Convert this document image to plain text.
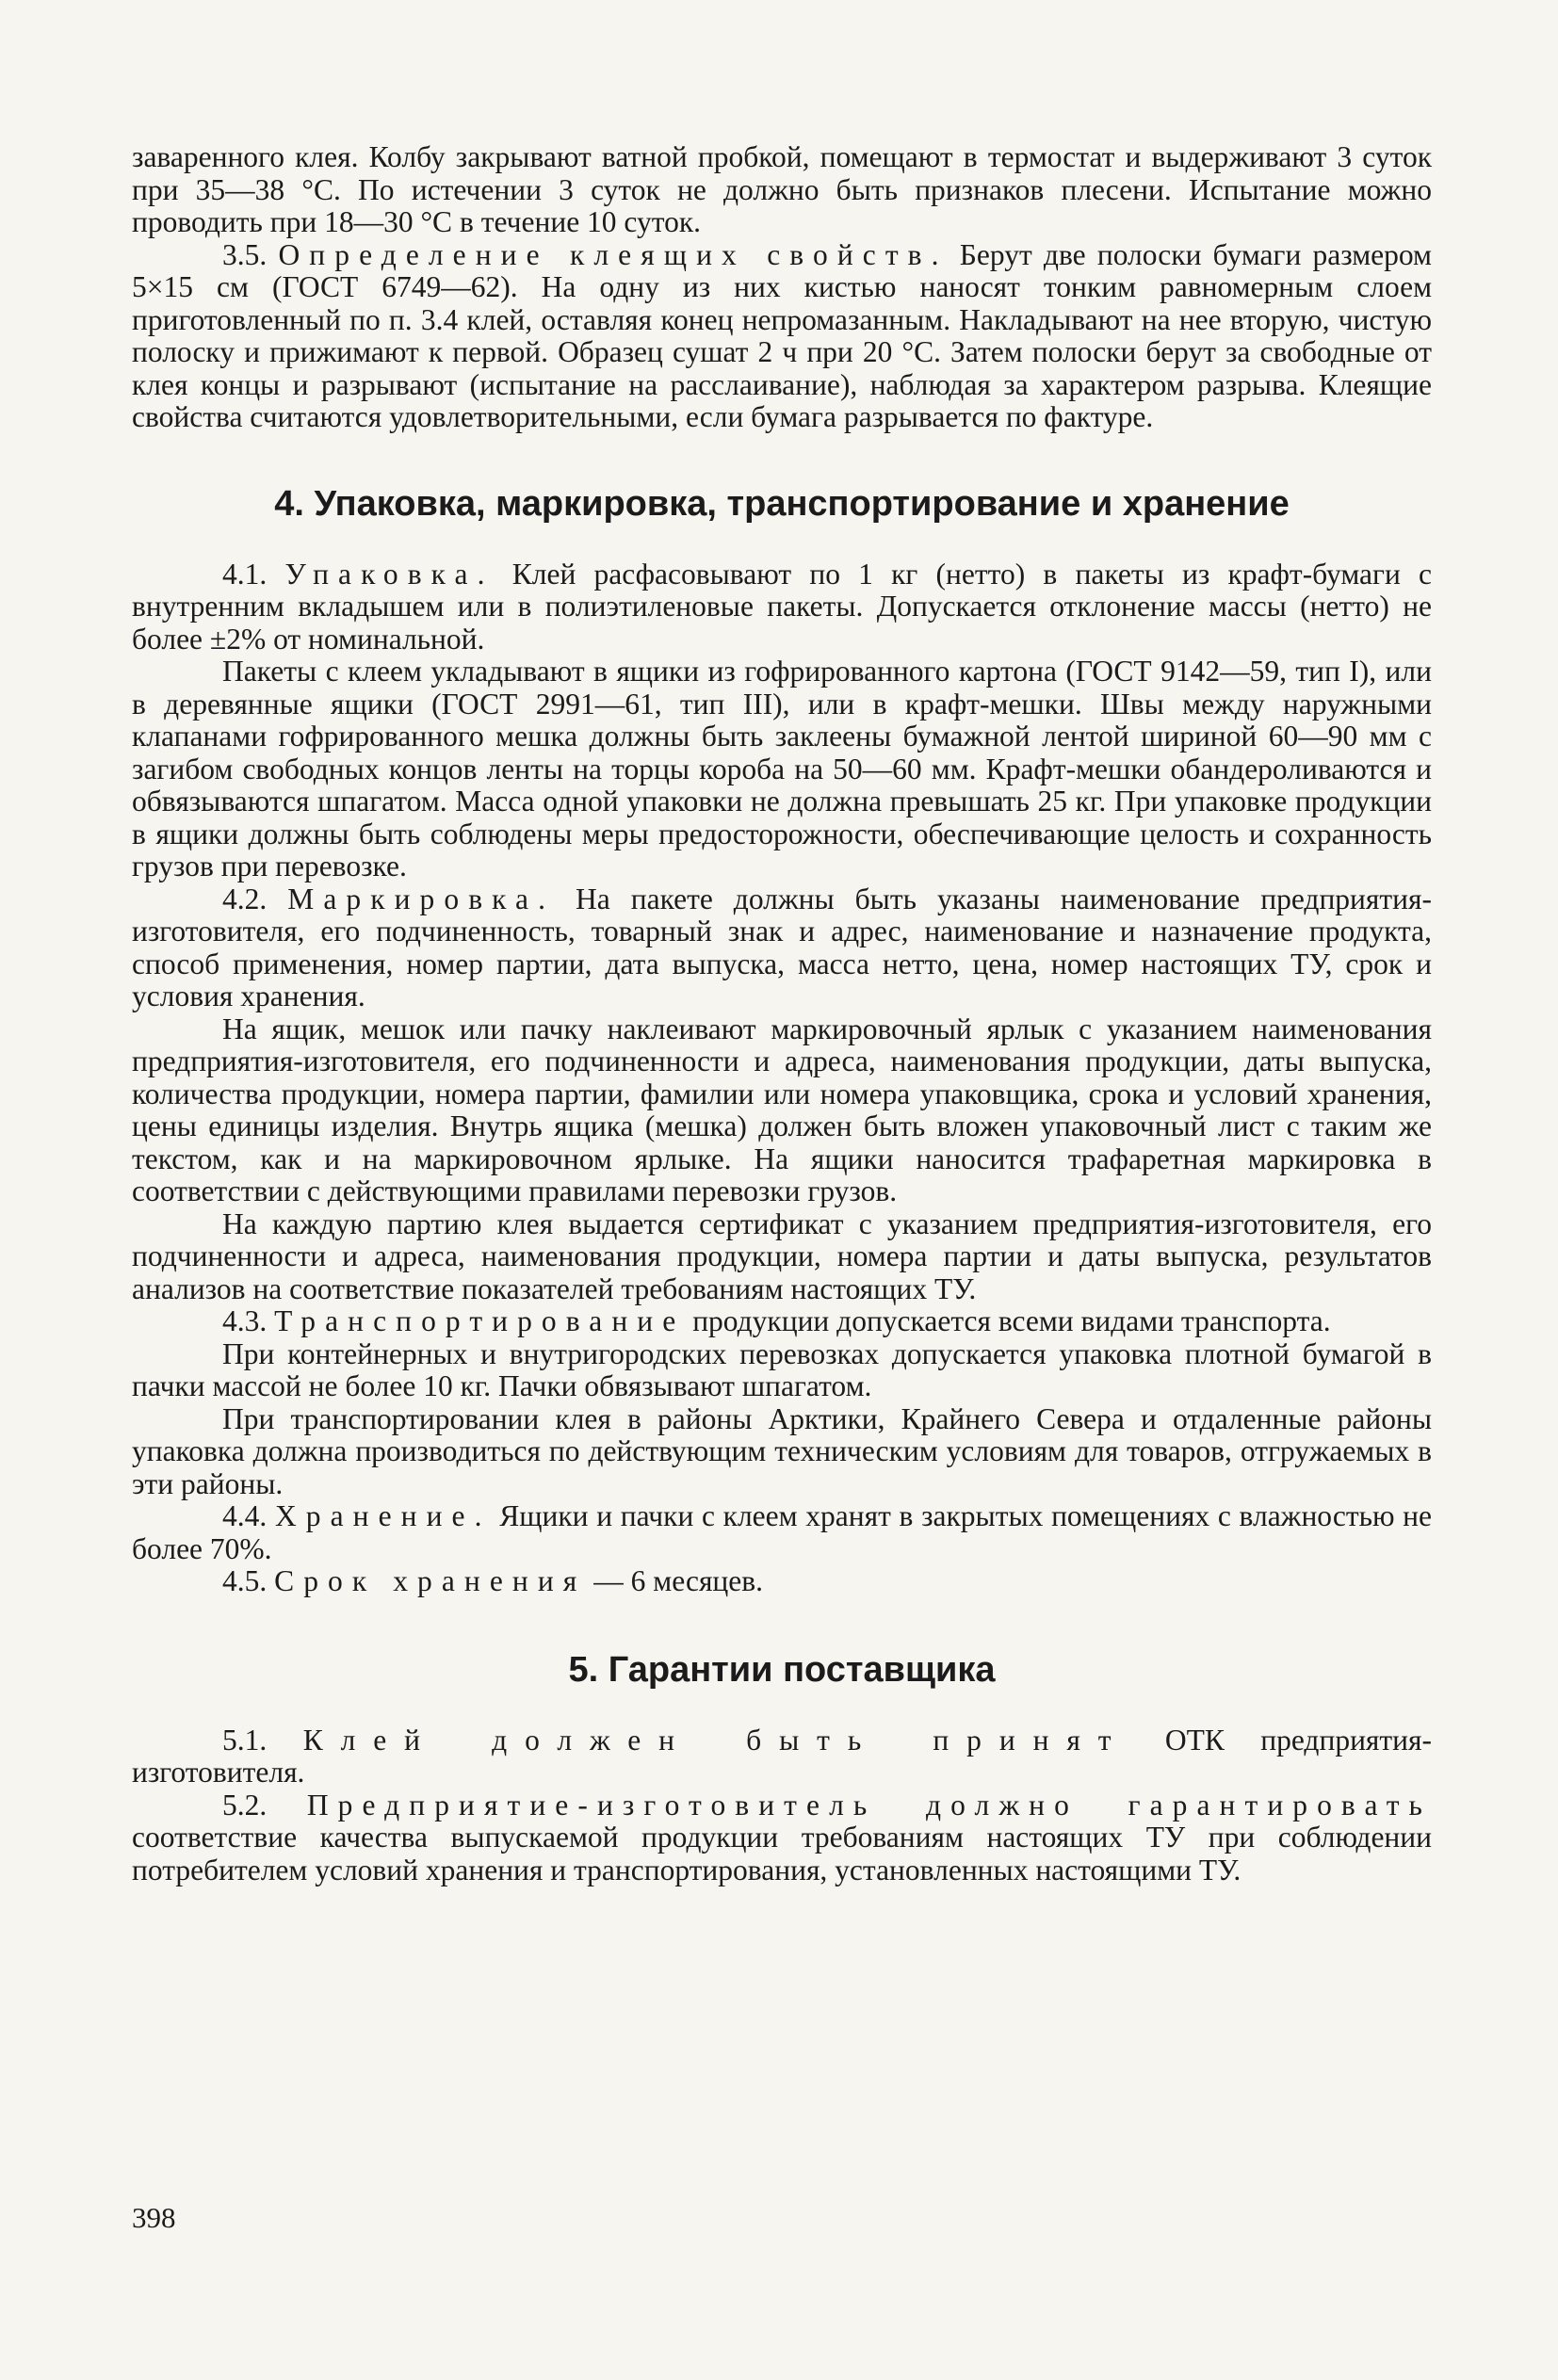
заваренного клея. Колбу закрывают ватной пробкой, помещают в термостат и выдерживают 3 суток при 35—38 °C. По истечении 3 суток не должно быть признаков плесени. Испытание можно проводить при 18—30 °C в течение 10 суток.

3.5. Определение клеящих свойств. Берут две полоски бумаги размером 5×15 см (ГОСТ 6749—62). На одну из них кистью наносят тонким равномерным слоем приготовленный по п. 3.4 клей, оставляя конец непромазанным. Накладывают на нее вторую, чистую полоску и прижимают к первой. Образец сушат 2 ч при 20 °C. Затем полоски берут за свободные от клея концы и разрывают (испытание на расслаивание), наблюдая за характером разрыва. Клеящие свойства считаются удовлетворительными, если бумага разрывается по фактуре.

4. Упаковка, маркировка, транспортирование и хранение

4.1. Упаковка. Клей расфасовывают по 1 кг (нетто) в пакеты из крафт-бумаги с внутренним вкладышем или в полиэтиленовые пакеты. Допускается отклонение массы (нетто) не более ±2% от номинальной.

Пакеты с клеем укладывают в ящики из гофрированного картона (ГОСТ 9142—59, тип I), или в деревянные ящики (ГОСТ 2991—61, тип III), или в крафт-мешки. Швы между наружными клапанами гофрированного мешка должны быть заклеены бумажной лентой шириной 60—90 мм с загибом свободных концов ленты на торцы короба на 50—60 мм. Крафт-мешки обандероливаются и обвязываются шпагатом. Масса одной упаковки не должна превышать 25 кг. При упаковке продукции в ящики должны быть соблюдены меры предосторожности, обеспечивающие целость и сохранность грузов при перевозке.

4.2. Маркировка. На пакете должны быть указаны наименование предприятия-изготовителя, его подчиненность, товарный знак и адрес, наименование и назначение продукта, способ применения, номер партии, дата выпуска, масса нетто, цена, номер настоящих ТУ, срок и условия хранения.

На ящик, мешок или пачку наклеивают маркировочный ярлык с указанием наименования предприятия-изготовителя, его подчиненности и адреса, наименования продукции, даты выпуска, количества продукции, номера партии, фамилии или номера упаковщика, срока и условий хранения, цены единицы изделия. Внутрь ящика (мешка) должен быть вложен упаковочный лист с таким же текстом, как и на маркировочном ярлыке. На ящики наносится трафаретная маркировка в соответствии с действующими правилами перевозки грузов.

На каждую партию клея выдается сертификат с указанием предприятия-изготовителя, его подчиненности и адреса, наименования продукции, номера партии и даты выпуска, результатов анализов на соответствие показателей требованиям настоящих ТУ.

4.3. Транспортирование продукции допускается всеми видами транспорта.

При контейнерных и внутригородских перевозках допускается упаковка плотной бумагой в пачки массой не более 10 кг. Пачки обвязывают шпагатом.

При транспортировании клея в районы Арктики, Крайнего Севера и отдаленные районы упаковка должна производиться по действующим техническим условиям для товаров, отгружаемых в эти районы.

4.4. Хранение. Ящики и пачки с клеем хранят в закрытых помещениях с влажностью не более 70%.

4.5. Срок хранения — 6 месяцев.

5. Гарантии поставщика

5.1. Клей должен быть принят ОТК предприятия-изготовителя.

5.2. Предприятие-изготовитель должно гарантировать соответствие качества выпускаемой продукции требованиям настоящих ТУ при соблюдении потребителем условий хранения и транспортирования, установленных настоящими ТУ.

398
